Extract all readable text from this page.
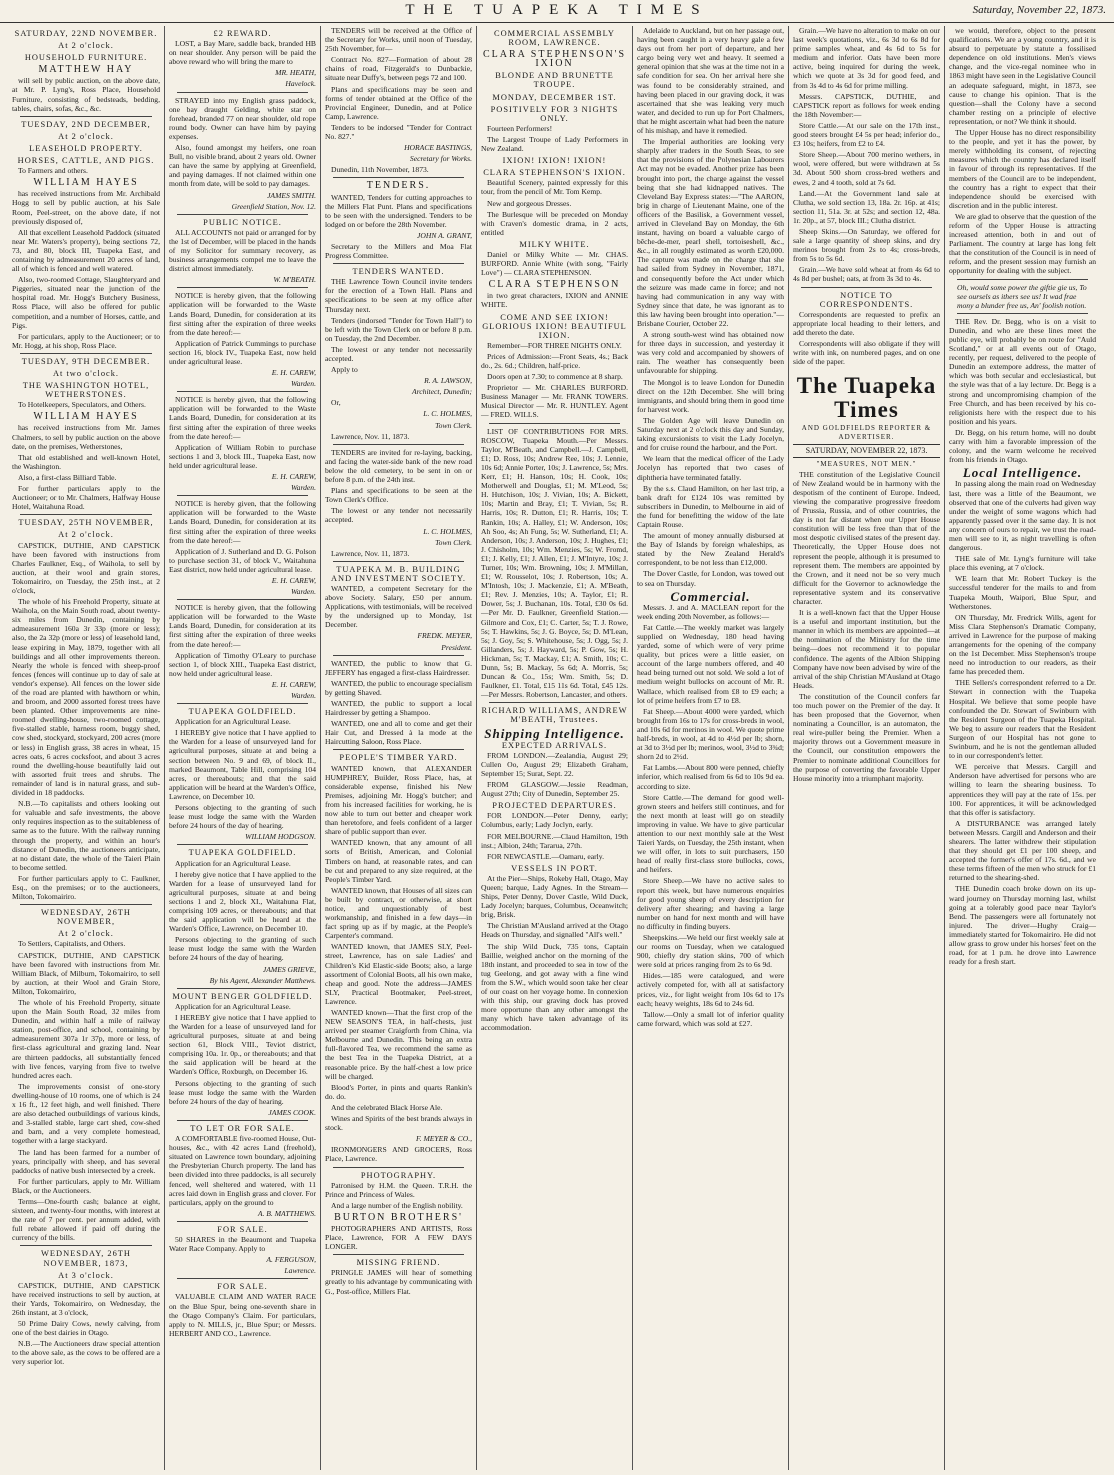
THE TUAPEKA TIMES	Saturday, November 22, 1873.
SATURDAY, 22ND NOVEMBER.
At 2 o'clock.
HOUSEHOLD FURNITURE.
MATTHEW HAY

will sell by public auction, on the above date, at Mr. P. Lyng's, Ross Place, Household Furniture, consisting of bedsteads, bedding, tables, chairs, sofas, &c., &c.

TUESDAY, 2ND DECEMBER,
At 2 o'clock.
LEASEHOLD PROPERTY.
HORSES, CATTLE, AND PIGS.

To Farmers and others.

WILLIAM HAYES

has received instructions from Mr. Archibald Hogg to sell by public auction, at his Sale Room, Peel-street, on the above date, if not previously disposed of,

All that excellent Leasehold Paddock (situated near Mr. Waters's property), being sections 72, 73, and 80, block III, Tuapeka East, and containing by admeasurement 20 acres of land, all of which is fenced and well watered.

Also, two-roomed Cottage, Slaughteryard and Piggeries, situated near the junction of the hospital road. Mr. Hogg's Butchery Business, Ross Place, will also be offered for public competition, and a number of Horses, cattle, and Pigs.

For particulars, apply to the Auctioneer; or to Mr. Hogg, at his shop, Ross Place.

TUESDAY, 9TH DECEMBER.
At two o'clock.
THE WASHINGTON HOTEL, WETHERSTONES.

To Hotelkeepers, Speculators, and Others.

WILLIAM HAYES

has received instructions from Mr. James Chalmers, to sell by public auction on the above date, on the premises, Wetherstones,

That old established and well-known Hotel, the Washington.

Also, a first-class Billiard Table.

For further particulars apply to the Auctioneer; or to Mr. Chalmers, Halfway House Hotel, Waitahuna Road.

TUESDAY, 25TH NOVEMBER,
At 2 o'clock.

CAPSTICK, DUTHIE, AND CAPSTICK have been favored with instructions from Charles Faulkner, Esq., of Waihola, to sell by auction, at their wool and grain stores, Tokomairiro, on Tuesday, the 25th inst., at 2 o'clock,

The whole of his Freehold Property, situate at Waihola, on the Main South road, about twenty-six miles from Dunedin, containing by admeasurement 160a 3r 33p (more or less); also, the 2a 32p (more or less) of leasehold land, lease expiring in May, 1879, together with all buildings and all other improvements thereon. Nearly the whole is fenced with sheep-proof fences (fences will continue up to day of sale at vendor's expense). All fences on the lower side of the road are planted with hawthorn or whin, and broom, and 2000 assorted forest trees have been planted. Other improvements are nine-roomed dwelling-house, two-roomed cottage, five-stalled stable, harness room, buggy shed, cow shed, stockyard, stockyard, 200 acres (more or less) in English grass, 38 acres in wheat, 15 acres oats, 6 acres cocksfoot, and about 3 acres round the dwelling-house beautifully laid out with assorted fruit trees and shrubs. The remainder of land is in natural grass, and sub-divided in 18 paddocks.

N.B.—To capitalists and others looking out for valuable and safe investments, the above only requires inspection as to the suitableness of same as to the future. With the railway running through the property, and within an hour's distance of Dunedin, the auctioneers anticipate, at no distant date, the whole of the Taieri Plain to become settled.

For further particulars apply to C. Faulkner, Esq., on the premises; or to the auctioneers, Milton, Tokomairiro.

WEDNESDAY, 26TH NOVEMBER,
At 2 o'clock.

To Settlers, Capitalists, and Others.

CAPSTICK, DUTHIE, AND CAPSTICK have been favored with instructions from Mr. William Black, of Milburn, Tokomairiro, to sell by auction, at their Wool and Grain Store, Milton, Tokomairiro,

The whole of his Freehold Property, situate upon the Main South Road, 32 miles from Dunedin, and within half a mile of railway station, post-office, and school, containing by admeasurement 307a 1r 37p, more or less, of first-class agricultural and grazing land. Near are thirteen paddocks, all substantially fenced with live fences, varying from five to twelve hundred acres each.

The improvements consist of one-story dwelling-house of 10 rooms, one of which is 24 x 16 ft., 12 feet high, and well finished. There are also detached outbuildings of various kinds, and 3-stalled stable, large cart shed, cow-shed and barn, and a very complete homestead, together with a large stackyard.

The land has been farmed for a number of years, principally with sheep, and has several paddocks of native bush intersected by a creek.

For further particulars, apply to Mr. William Black, or the Auctioneers.

Terms—One-fourth cash; balance at eight, sixteen, and twenty-four months, with interest at the rate of 7 per cent. per annum added, with full rebate allowed if paid off during the currency of the bills.

WEDNESDAY, 26TH NOVEMBER, 1873,
At 3 o'clock.

CAPSTICK, DUTHIE, AND CAPSTICK have received instructions to sell by auction, at their Yards, Tokomairiro, on Wednesday, the 26th instant, at 3 o'clock,

50 Prime Dairy Cows, newly calving, from one of the best dairies in Otago.

N.B.—The Auctioneers draw special attention to the above sale, as the cows to be offered are a very superior lot.

£2 REWARD.

LOST, a Bay Mare, saddle back, branded HB on near shoulder. Any person will be paid the above reward who will bring the mare to

MR. HEATH,
Havelock.

STRAYED into my English grass paddock, one bay draught Gelding, white star on forehead, branded 77 on near shoulder, old rope round body. Owner can have him by paying expenses.

Also, found amongst my heifers, one roan Bull, no visible brand, about 2 years old. Owner can have the same by applying at Greenfield, and paying damages. If not claimed within one month from date, will be sold to pay damages.

JAMES SMITH.
Greenfield Station, Nov. 12.
PUBLIC NOTICE.

ALL ACCOUNTS not paid or arranged for by the 1st of December, will be placed in the hands of my Solicitor for summary recovery, as business arrangements compel me to leave the district almost immediately.

W. M'BEATH.

NOTICE is hereby given, that the following application will be forwarded to the Waste Lands Board, Dunedin, for consideration at its first sitting after the expiration of three weeks from the date hereof:—

Application of Patrick Cummings to purchase section 16, block IV., Tuapeka East, now held under agricultural lease.

E. H. CAREW,
Warden.

NOTICE is hereby given, that the following application will be forwarded to the Waste Lands Board, Dunedin, for consideration at its first sitting after the expiration of three weeks from the date hereof:—

Application of William Robin to purchase sections 1 and 3, block III., Tuapeka East, now held under agricultural lease.

E. H. CAREW,
Warden.

NOTICE is hereby given, that the following application will be forwarded to the Waste Lands Board, Dunedin, for consideration at its first sitting after the expiration of three weeks from the date hereof:—

Application of J. Sutherland and D. G. Polson to purchase section 31, of block V., Waitahuna East district, now held under agricultural lease.

E. H. CAREW,
Warden.

NOTICE is hereby given, that the following application will be forwarded to the Waste Lands Board, Dunedin, for consideration at its first sitting after the expiration of three weeks from the date hereof:—

Application of Timothy O'Leary to purchase section 1, of block XIII., Tuapeka East district, now held under agricultural lease.

E. H. CAREW,
Warden.
TUAPEKA GOLDFIELD.

Application for an Agricultural Lease.

I HEREBY give notice that I have applied to the Warden for a lease of unsurveyed land for agricultural purposes, situate at and being a section between No. 9 and 69, of block II., marked Beaumont, Table Hill, comprising 104 acres, or thereabouts; and that the said application will be heard at the Warden's Office, Lawrence, on December 10.

Persons objecting to the granting of such lease must lodge the same with the Warden before 24 hours of the day of hearing.

WILLIAM HODGSON.
TUAPEKA GOLDFIELD.

Application for an Agricultural Lease.

I hereby give notice that I have applied to the Warden for a lease of unsurveyed land for agricultural purposes, situate at and being sections 1 and 2, block XI., Waitahuna Flat, comprising 109 acres, or thereabouts; and that the said application will be heard at the Warden's Office, Lawrence, on December 10.

Persons objecting to the granting of such lease must lodge the same with the Warden before 24 hours of the day of hearing.

JAMES GRIEVE,
By his Agent, Alexander Matthews.
MOUNT BENGER GOLDFIELD.

Application for an Agricultural Lease.

I HEREBY give notice that I have applied to the Warden for a lease of unsurveyed land for agricultural purposes, situate at and being section 61, Block VIII., Teviot district, comprising 10a. 1r. 0p., or thereabouts; and that the said application will be heard at the Warden's Office, Roxburgh, on December 16.

Persons objecting to the granting of such lease must lodge the same with the Warden before 24 hours of the day of hearing.

JAMES COOK.
TO LET OR FOR SALE.

A COMFORTABLE five-roomed House, Out-houses, &c., with 42 acres Land (freehold), situated on Lawrence town boundary, adjoining the Presbyterian Church property. The land has been divided into three paddocks, is all securely fenced, well sheltered and watered, with 11 acres laid down in English grass and clover. For particulars, apply on the ground to

A. B. MATTHEWS.
FOR SALE.

50 SHARES in the Beaumont and Tuapeka Water Race Company. Apply to

A. FERGUSON,
Lawrence.
FOR SALE.

VALUABLE CLAIM AND WATER RACE on the Blue Spur, being one-seventh share in the Otago Company's Claim. For particulars, apply to N. MILLS, jr., Blue Spur; or Messrs. HERBERT AND CO., Lawrence.

TENDERS will be received at the Office of the Secretary for Works, until noon of Tuesday, 25th November, for—

Contract No. 827—Formation of about 28 chains of road, Fitzgerald's to Dunbackie, situate near Duffy's, between pegs 72 and 100.

Plans and specifications may be seen and forms of tender obtained at the Office of the Provincial Engineer, Dunedin, and at Police Camp, Lawrence.

Tenders to be indorsed "Tender for Contract No. 827."

HORACE BASTINGS,
Secretary for Works.

Dunedin, 11th November, 1873.

TENDERS.

WANTED, Tenders for cutting approaches to the Millers Flat Punt. Plans and specifications to be seen with the undersigned. Tenders to be lodged on or before the 28th November.

JOHN A. GRANT,

Secretary to the Millers and Moa Flat Progress Committee.

TENDERS WANTED.

THE Lawrence Town Council invite tenders for the erection of a Town Hall. Plans and specifications to be seen at my office after Thursday next.

Tenders (indorsed "Tender for Town Hall") to be left with the Town Clerk on or before 8 p.m. on Tuesday, the 2nd December.

The lowest or any tender not necessarily accepted.

Apply to

R. A. LAWSON,
Architect, Dunedin;

Or,

L. C. HOLMES,
Town Clerk.

Lawrence, Nov. 11, 1873.

TENDERS are invited for re-laying, backing, and facing the water-side bank of the new road below the old cemetery, to be sent in on or before 8 p.m. of the 24th inst.

Plans and specifications to be seen at the Town Clerk's Office.

The lowest or any tender not necessarily accepted.

L. C. HOLMES,
Town Clerk.

Lawrence, Nov. 11, 1873.

TUAPEKA M. B. BUILDING AND INVESTMENT SOCIETY.

WANTED, a competent Secretary for the above Society. Salary, £50 per annum. Applications, with testimonials, will be received by the undersigned up to Monday, 1st December.

FREDK. MEYER,
President.

WANTED, the public to know that G. JEFFERY has engaged a first-class Hairdresser.

WANTED, the public to encourage specialism by getting Shaved.

WANTED, the public to support a local Hairdresser by getting a Shampoo.

WANTED, one and all to come and get their Hair Cut, and Dressed à la mode at the Haircutting Saloon, Ross Place.

PEOPLE'S TIMBER YARD.

WANTED known, that ALEXANDER HUMPHREY, Builder, Ross Place, has, at considerable expense, finished his New Premises, adjoining Mr. Hogg's butcher; and from his increased facilities for working, he is now able to turn out better and cheaper work than heretofore, and feels confident of a larger share of public support than ever.

WANTED known, that any amount of all sorts of British, American, and Colonial Timbers on hand, at reasonable rates, and can be cut and prepared to any size required, at the People's Timber Yard.

WANTED known, that Houses of all sizes can be built by contract, or otherwise, at short notice, and unquestionably of best workmanship, and finished in a few days—in fact spring up as if by magic, at the People's Carpenter's command.

WANTED known, that JAMES SLY, Peel-street, Lawrence, has on sale Ladies' and Children's Kid Elastic-side Boots; also, a large assortment of Colonial Boots, all his own make, cheap and good. Note the address—JAMES SLY, Practical Bootmaker, Peel-street, Lawrence.

WANTED known—That the first crop of the NEW SEASON'S TEA, in half-chests, just arrived per steamer Craigforth from China, via Melbourne and Dunedin. This being an extra full-flavored Tea, we recommend the same as the best Tea in the Tuapeka District, at a reasonable price. By the half-chest a low price will be charged.

Blood's Porter, in pints and quarts Rankin's do. do.

And the celebrated Black Horse Ale.

Wines and Spirits of the best brands always in stock.

F. MEYER & CO.,

IRONMONGERS AND GROCERS, Ross Place, Lawrence.

PHOTOGRAPHY.

Patronised by H.M. the Queen. T.R.H. the Prince and Princess of Wales.

And a large number of the English nobility.

BURTON BROTHERS'

PHOTOGRAPHERS AND ARTISTS, Ross Place, Lawrence, FOR A FEW DAYS LONGER.

MISSING FRIEND.

PRINGLE JAMES will hear of something greatly to his advantage by communicating with G., Post-office, Millers Flat.

COMMERCIAL ASSEMBLY ROOM, LAWRENCE.
CLARA STEPHENSON'S IXION
BLONDE AND BRUNETTE TROUPE.
MONDAY, DECEMBER 1ST.
POSITIVELY FOR 3 NIGHTS ONLY.

Fourteen Performers!

The Largest Troupe of Lady Performers in New Zealand.

IXION! IXION! IXION!
CLARA STEPHENSON'S IXION.

Beautiful Scenery, painted expressly for this tour, from the pencil of Mr. Tom Kemp.

New and gorgeous Dresses.

The Burlesque will be preceded on Monday with Craven's domestic drama, in 2 acts, entitled

MILKY WHITE.

Daniel or Milky White — Mr. CHAS. BURFORD. Annie White (with song, "Fairly Love") — CLARA STEPHENSON.

CLARA STEPHENSON

in two great characters, IXION and ANNIE WHITE.

COME AND SEE IXION! GLORIOUS IXION! BEAUTIFUL IXION.

Remember—FOR THREE NIGHTS ONLY.

Prices of Admission:—Front Seats, 4s.; Back do., 2s. 6d.; Children, half-price.

Doors open at 7.30; to commence at 8 sharp.

Proprietor — Mr. CHARLES BURFORD. Business Manager — Mr. FRANK TOWERS. Musical Director — Mr. R. HUNTLEY. Agent — FRED. WILLS.

LIST OF CONTRIBUTIONS FOR MRS. ROSCOW, Tuapeka Mouth.—Per Messrs. Taylor, M'Beath, and Campbell.—J. Campbell, £1; D. Ross, 10s; Andrew Ree, 10s; J. Lennie, 10s 6d; Annie Porter, 10s; J. Lawrence, 5s; Mrs. Kerr, £1; H. Hanson, 10s; H. Cook, 10s; Motherwell and Douglas, £1; M. M'Leod, 5s; H. Hutchison, 10s; J. Vivian, 10s; A. Bickett, 10s; Martin and Bray, £1; T. Vivian, 5s; R. Harris, 10s; R. Dutton, £1; R. Harris, 10s; T. Rankin, 10s; A. Halley, £1; W. Anderson, 10s; Ah Soo, 4s; Ah Fung, 5s; W. Sutherland, £1; A. Anderson, 10s; J. Anderson, 10s; J. Hughes, £1; J. Chisholm, 10s; Wm. Menzies, 5s; W. Fromd, £1; J. Kelly, £1; J. Allen, £1; J. M'Intyre, 10s; J. Turner, 10s; Wm. Browning, 10s; J. M'Millan, £1; W. Rousselot, 10s; J. Robertson, 10s; A. M'Intosh, 10s; J. Mackenzie, £1; A. M'Beath, £1; Rev. J. Menzies, 10s; A. Taylor, £1; R. Dower, 5s; J. Buchanan, 10s. Total, £30 0s 6d.—Per Mr. D. Faulkner, Greenfield Station.—Gilmore and Cox, £1; C. Carter, 5s; T. J. Rowe, 5s; T. Hawkins, 5s; J. G. Boyce, 5s; D. M'Lean, 5s; J. Goy, 5s; S. Whitehouse, 5s; J. Ogg, 5s; J. Gillanders, 5s; J. Hayward, 5s; P. Gow, 5s; H. Hickman, 5s; T. Mackay, £1; A. Smith, 10s; C. Dunn, 5s; B. Mackay, 5s 6d; A. Morris, 5s; Duncan & Co., 15s; Wm. Smith, 5s; D. Faulkner, £1. Total, £15 11s 6d. Total, £45 12s.—Per Messrs. Robertson, Lancaster, and others.

RICHARD WILLIAMS, ANDREW M'BEATH, Trustees.
Shipping Intelligence.
EXPECTED ARRIVALS.

FROM LONDON.—Zealandia, August 29; Cullen Oo, August 29; Elizabeth Graham, September 15; Surat, Sept. 22.

FROM GLASGOW.—Jessie Readman, August 27th; City of Dunedin, September 25.

PROJECTED DEPARTURES.

FOR LONDON.—Peter Denny, early; Columbus, early; Lady Joclyn, early.

FOR MELBOURNE.—Claud Hamilton, 19th inst.; Albion, 24th; Tararua, 27th.

FOR NEWCASTLE.—Oamaru, early.

VESSELS IN PORT.

At the Pier—Ships, Rokeby Hall, Otago, May Queen; barque, Lady Agnes. In the Stream—Ships, Peter Denny, Dover Castle, Wild Duck, Lady Jocelyn; barques, Columbus, Oceanwitch; brig, Brisk.

The Christian M'Ausland arrived at the Otago Heads on Thursday, and signalled "All's well."

The ship Wild Duck, 735 tons, Captain Baillie, weighed anchor on the morning of the 18th instant, and proceeded to sea in tow of the tug Geelong, and got away with a fine wind from the S.W., which would soon take her clear of our coast on her voyage home. In connexion with this ship, our graving dock has proved more opportune than any other amongst the many which have taken advantage of its accommodation.

Adelaide to Auckland, but on her passage out, having been caught in a very heavy gale a few days out from her port of departure, and her cargo being very wet and heavy. It seemed a general opinion that she was at the time not in a safe condition for sea. On her arrival here she was found to be considerably strained, and having been placed in our graving dock, it was ascertained that she was leaking very much water, and decided to run up for Port Chalmers, that he might ascertain what had been the nature of his mishap, and have it remedied.

The Imperial authorities are looking very sharply after traders in the South Seas, to see that the provisions of the Polynesian Labourers Act may not be evaded. Another prize has been brought into port, the charge against the vessel being that she had kidnapped natives. The Cleveland Bay Express states:—"The AARON, brig in charge of Lieutenant Maine, one of the officers of the Basilisk, a Government vessel, arrived in Cleveland Bay on Monday, the 6th instant, having on board a valuable cargo of bêche-de-mer, pearl shell, tortoiseshell, &c., &c., in all roughly estimated as worth £20,000. The capture was made on the charge that she had sailed from Sydney in November, 1871, and consequently before the Act under which the seizure was made came in force; and not having had communication in any way with Sydney since that date, he was ignorant as to this law having been brought into operation."—Brisbane Courier, October 22.

A strong south-west wind has obtained now for three days in succession, and yesterday it was very cold and accompanied by showers of rain. The weather has consequently been unfavourable for shipping.

The Mongol is to leave London for Dunedin direct on the 12th December. She will bring immigrants, and should bring them in good time for harvest work.

The Golden Age will leave Dunedin on Saturday next at 2 o'clock this day and Sunday, taking excursionists to visit the Lady Jocelyn, and for cruise round the harbour, and the Port.

We learn that the medical officer of the Lady Jocelyn has reported that two cases of diphtheria have terminated fatally.

By the s.s. Claud Hamilton, on her last trip, a bank draft for £124 10s was remitted by subscribers in Dunedin, to Melbourne in aid of the fund for benefitting the widow of the late Captain Rouse.

The amount of money annually disbursed at the Bay of Islands by foreign whaleships, as stated by the New Zealand Herald's correspondent, to be not less than £12,000.

The Dover Castle, for London, was towed out to sea on Thursday.

Commercial.

Messrs. J. and A. MACLEAN report for the week ending 20th November, as follows:—

Fat Cattle.—The weekly market was largely supplied on Wednesday, 180 head having yarded, some of which were of very prime quality, but prices were a little easier, on account of the large numbers offered, and 40 head being turned out not sold. We sold a lot of medium weight bullocks on account of Mr. R. Wallace, which realised from £8 to £9 each; a lot of prime heifers from £7 to £8.

Fat Sheep.—About 4000 were yarded, which brought from 16s to 17s for cross-breds in wool, and 10s 6d for merinos in wool. We quote prime half-breds, in wool, at 4d to 4½d per lb; shorn, at 3d to 3½d per lb; merinos, wool, 3½d to 3¾d; shorn 2d to 2½d.

Fat Lambs.—About 800 were penned, chiefly inferior, which realised from 6s 6d to 10s 9d ea. according to size.

Store Cattle.—The demand for good well-grown steers and heifers still continues, and for the next month at least will go on steadily improving in value. We have to give particular attention to our next monthly sale at the West Taieri Yards, on Tuesday, the 25th instant, when we will offer, in lots to suit purchasers, 150 head of really first-class store bullocks, cows, and heifers.

Store Sheep.—We have no active sales to report this week, but have numerous enquiries for good young sheep of every description for delivery after shearing; and having a large number on hand for next month and will have no difficulty in finding buyers.

Sheepskins.—We held our first weekly sale at our rooms on Tuesday, when we catalogued 900, chiefly dry station skins, 700 of which were sold at prices ranging from 2s to 6s 9d.

Hides.—185 were catalogued, and were actively competed for, with all at satisfactory prices, viz., for light weight from 10s 6d to 17s each; heavy weights, 18s 6d to 24s 6d.

Tallow.—Only a small lot of inferior quality came forward, which was sold at £27.

Grain.—We have no alteration to make on our last week's quotations, viz., 6s 3d to 6s 8d for prime samples wheat, and 4s 6d to 5s for medium and inferior. Oats have been more active, being inquired for during the week, which we quote at 3s 3d for good feed, and from 3s 4d to 4s 6d for prime milling.

Messrs. CAPSTICK, DUTHIE, and CAPSTICK report as follows for week ending the 18th November:—

Store Cattle.—At our sale on the 17th inst., good steers brought £4 5s per head; inferior do., £3 10s; heifers, from £2 to £4.

Store Sheep.—About 700 merino wethers, in wool, were offered, but were withdrawn at 5s 3d. About 500 shorn cross-bred wethers and ewes, 2 and 4 tooth, sold at 7s 6d.

Land.—At the Government land sale at Clutha, we sold section 13, 18a. 2r. 16p. at 41s; section 11, 51a. 3r. at 52s; and section 12, 48a. 1r. 20p., at 57, block III.; Clutha district.

Sheep Skins.—On Saturday, we offered for sale a large quantity of sheep skins, and dry merinos brought from 2s to 4s; cross-breds, from 5s to 5s 6d.

Grain.—We have sold wheat at from 4s 6d to 4s 8d per bushel; oats, at from 3s 3d to 4s.

NOTICE TO CORRESPONDENTS.

Correspondents are requested to prefix an appropriate local heading to their letters, and add thereto the date.

Correspondents will also obligate if they will write with ink, on numbered pages, and on one side of the paper.

The Tuapeka Times
AND GOLDFIELDS REPORTER & ADVERTISER.
SATURDAY, NOVEMBER 22, 1873.
"MEASURES, NOT MEN."

THE constitution of the Legislative Council of New Zealand would be in harmony with the despotism of the continent of Europe. Indeed, viewing the comparative progressive freedom of Prussia, Russia, and of other countries, the day is not far distant when our Upper House constitution will be less free than that of the most despotic civilised states of the present day. Theoretically, the Upper House does not represent the people, although it is presumed to represent them. The members are appointed by the Crown, and it need not be so very much difficult for the Governor to acknowledge the representative system and its conservative character.

It is a well-known fact that the Upper House is a useful and important institution, but the manner in which its members are appointed—at the nomination of the Ministry for the time being—does not recommend it to popular confidence. The agents of the Albion Shipping Company have now been advised by wire of the arrival of the ship Christian M'Ausland at Otago Heads.

The constitution of the Council confers far too much power on the Premier of the day. It has been proposed that the Governor, when nominating a Councillor, is an automaton, the real wire-puller being the Premier. When a majority throws out a Government measure in the Council, our constitution empowers the Premier to nominate additional Councillors for the purpose of converting the favorable Upper House minority into a triumphant majority.

we would, therefore, object to the present qualifications. We are a young country, and it is absurd to perpetuate by statute a fossilised dependence on old institutions. Men's views change, and the vice-regal nominee who in 1863 might have seen in the Legislative Council an adequate safeguard, might, in 1873, see cause to change his opinion. That is the question—shall the Colony have a second chamber resting on a principle of elective representation, or not? We think it should.

The Upper House has no direct responsibility to the people, and yet it has the power, by merely withholding its consent, of rejecting measures which the country has declared itself in favour of through its representatives. If the members of the Council are to be independent, the country has a right to expect that their independence should be exercised with discretion and in the public interest.

We are glad to observe that the question of the reform of the Upper House is attracting increased attention, both in and out of Parliament. The country at large has long felt that the constitution of the Council is in need of reform, and the present session may furnish an opportunity for dealing with the subject.

Oh, would some power the giftie gie us, To see oursels as ithers see us! It wad frae mony a blunder free us, An' foolish notion.

THE Rev. Dr. Begg, who is on a visit to Dunedin, and who are these lines meet the public eye, will probably be on route for "Auld Scotland," or at all events out of Otago, recently, per request, delivered to the people of Dunedin an extempore address, the matter of which was both secular and ecclesiastical, but the style was that of a lay lecture. Dr. Begg is a strong and uncompromising champion of the Free Church, and has been received by his co-religionists here with the respect due to his position and his years.

Dr. Begg, on his return home, will no doubt carry with him a favorable impression of the colony, and the warm welcome he received from his friends in Otago.

Local Intelligence.

In passing along the main road on Wednesday last, there was a little of the Beaumont, we observed that one of the culverts had given way under the weight of some wagons which had apparently passed over it the same day. It is not any concern of ours to repair, we trust the road-men will see to it, as night travelling is often dangerous.

THE sale of Mr. Lyng's furniture will take place this evening, at 7 o'clock.

WE learn that Mr. Robert Tuckey is the successful tenderer for the mails to and from Tuapeka Mouth, Waipori, Blue Spur, and Wetherstones.

ON Thursday, Mr. Fredrick Wills, agent for Miss Clara Stephenson's Dramatic Company, arrived in Lawrence for the purpose of making arrangements for the opening of the company on the 1st December. Miss Stephenson's troupe need no introduction to our readers, as their fame has preceded them.

THE Sellers's correspondent referred to a Dr. Stewart in connection with the Tuapeka Hospital. We believe that some people have confounded the Dr. Stewart of Swinburn with the Resident Surgeon of the Tuapeka Hospital. We beg to assure our readers that the Resident Surgeon of our Hospital has not gone to Swinburn, and he is not the gentleman alluded to in our correspondent's letter.

WE perceive that Messrs. Cargill and Anderson have advertised for persons who are willing to learn the shearing business. To apprentices they will pay at the rate of 15s. per 100. For apprentices, it will be acknowledged that this offer is satisfactory.

A DISTURBANCE was arranged lately between Messrs. Cargill and Anderson and their shearers. The latter withdrew their stipulation that they should get £1 per 100 sheep, and accepted the former's offer of 17s. 6d., and we these terms fifteen of the men who struck for £1 returned to the shearing-shed.

THE Dunedin coach broke down on its up-ward journey on Thursday morning last, whilst going at a tolerably good pace near Taylor's Bend. The passengers were all fortunately not injured. The driver—Hughy Craig—immediately started for Tokomairiro. He did not allow grass to grow under his horses' feet on the road, for at 1 p.m. he drove into Lawrence ready for a fresh start.
